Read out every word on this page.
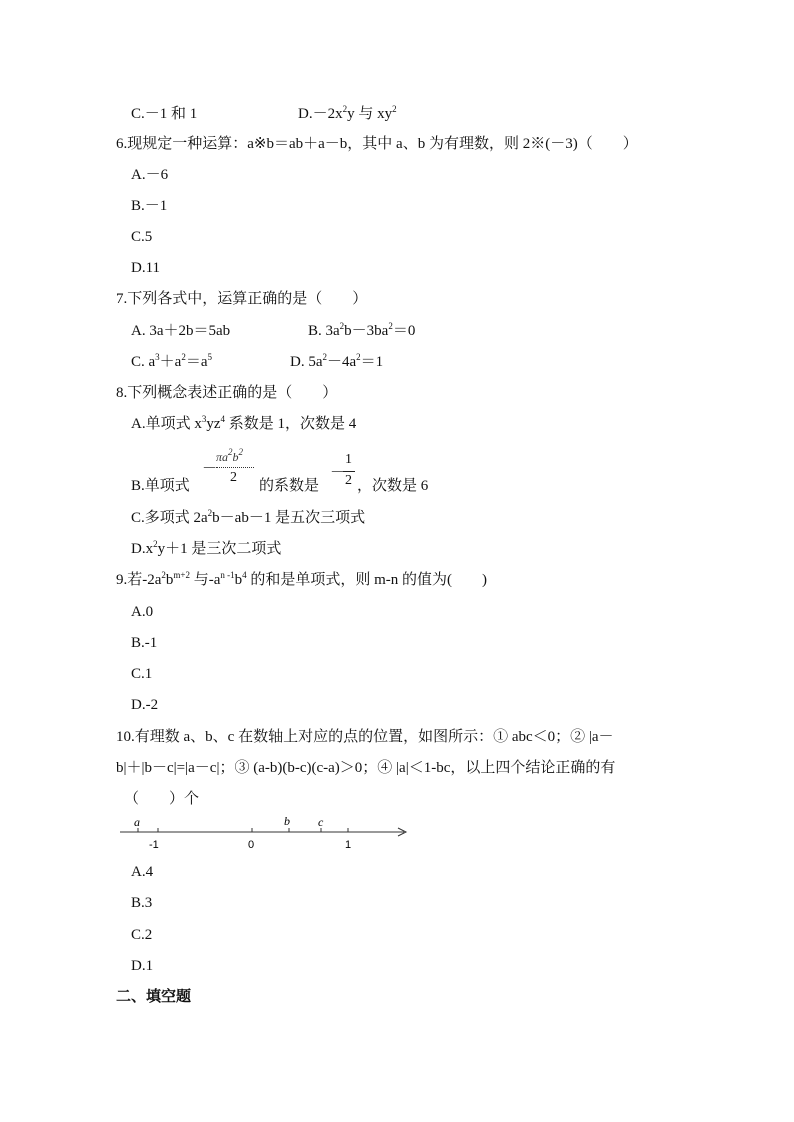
C.－1 和 1	$D.-2x^2y$ 与 $xy^2$
6.现规定一种运算：a※b＝ab＋a－b，其中 a、b 为有理数，则 2※(－3)（　　）
A.－6
B.－1
C.5
D.11
7.下列各式中，运算正确的是（　　）
A. 3a＋2b＝5ab	B. $3a^2b-3ba^2=0$
C. $a^3+a^2=a^5$	D. $5a^2-4a^2=1$
8.下列概念表述正确的是（　　）
A.单项式 $x^3yz^4$ 系数是 1，次数是 4
B.单项式
－
$\pi a^2b^2$
2
的系数是
－
1
2 ，次数是 6
C.多项式 $2a^2b-ab-1$ 是五次三项式
$D.x^2y+1$ 是三次二项式
9.若$-2a^2b^{m+2}$ 与$-a^{n -1}b^4$ 的和是单项式，则 m-n 的值为(　　)
A.0
B.-1
C.1
D.-2
10.有理数 a、b、c 在数轴上对应的点的位置，如图所示：① abc＜0；② |a－
b|＋|b－c|=|a－c|；③ (a-b)(b-c)(c-a)＞0；④ |a|＜1-bc，以上四个结论正确的有
（　　）个
a	b c
-1	0	1
A.4
B.3
C.2
D.1
二、填空题
